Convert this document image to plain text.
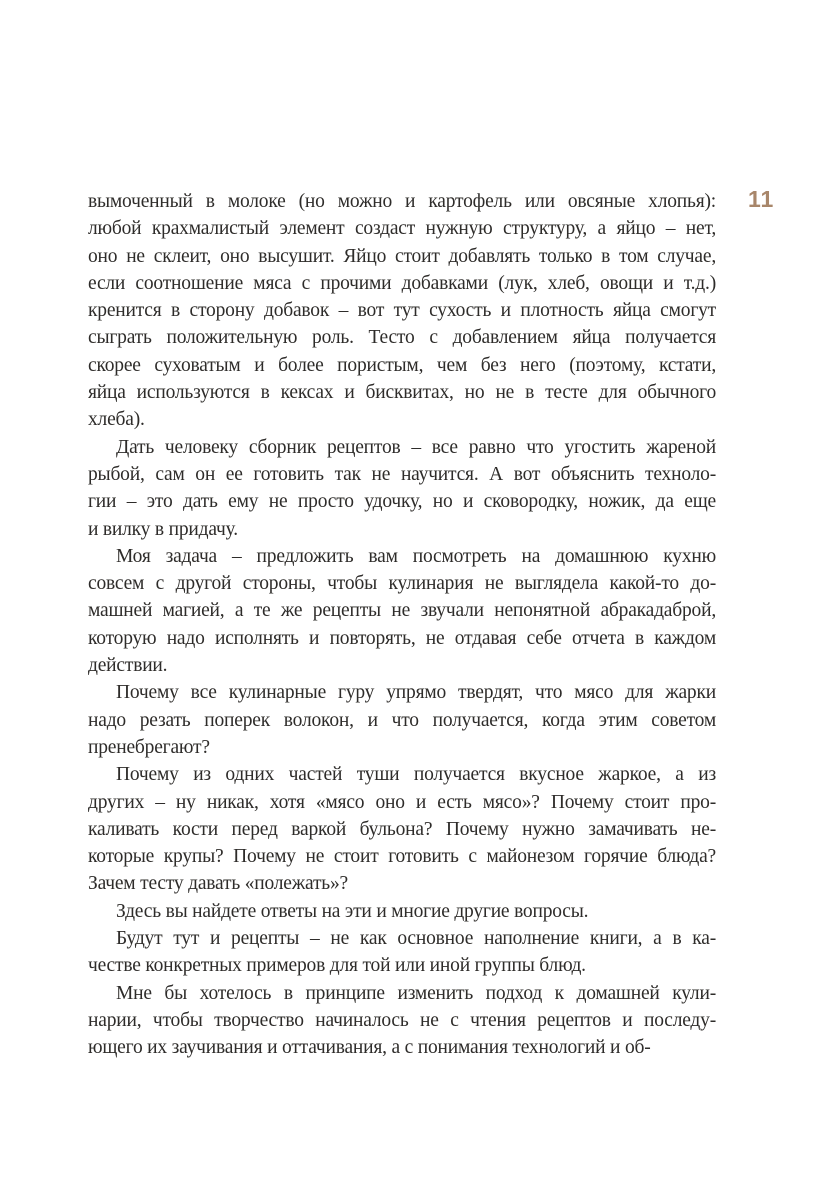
11

вымоченный в молоке (но можно и картофель или овсяные хлопья):
любой крахмалистый элемент создаст нужную структуру, а яйцо – нет,
оно не склеит, оно высушит. Яйцо стоит добавлять только в том случае,
если соотношение мяса с прочими добавками (лук, хлеб, овощи и т.д.)
кренится в сторону добавок – вот тут сухость и плотность яйца смогут
сыграть положительную роль. Тесто с добавлением яйца получается
скорее суховатым и более пористым, чем без него (поэтому, кстати,
яйца используются в кексах и бисквитах, но не в тесте для обычного
хлеба).

Дать человеку сборник рецептов – все равно что угостить жареной
рыбой, сам он ее готовить так не научится. А вот объяснить техноло-
гии – это дать ему не просто удочку, но и сковородку, ножик, да еще
и вилку в придачу.

Моя задача – предложить вам посмотреть на домашнюю кухню
совсем с другой стороны, чтобы кулинария не выглядела какой-то до-
машней магией, а те же рецепты не звучали непонятной абракадаброй,
которую надо исполнять и повторять, не отдавая себе отчета в каждом
действии.

Почему все кулинарные гуру упрямо твердят, что мясо для жарки
надо резать поперек волокон, и что получается, когда этим советом
пренебрегают?

Почему из одних частей туши получается вкусное жаркое, а из
других – ну никак, хотя «мясо оно и есть мясо»? Почему стоит про-
каливать кости перед варкой бульона? Почему нужно замачивать не-
которые крупы? Почему не стоит готовить с майонезом горячие блюда?
Зачем тесту давать «полежать»?

Здесь вы найдете ответы на эти и многие другие вопросы.

Будут тут и рецепты – не как основное наполнение книги, а в ка-
честве конкретных примеров для той или иной группы блюд.

Мне бы хотелось в принципе изменить подход к домашней кули-
нарии, чтобы творчество начиналось не с чтения рецептов и последу-
ющего их заучивания и оттачивания, а с понимания технологий и об-
